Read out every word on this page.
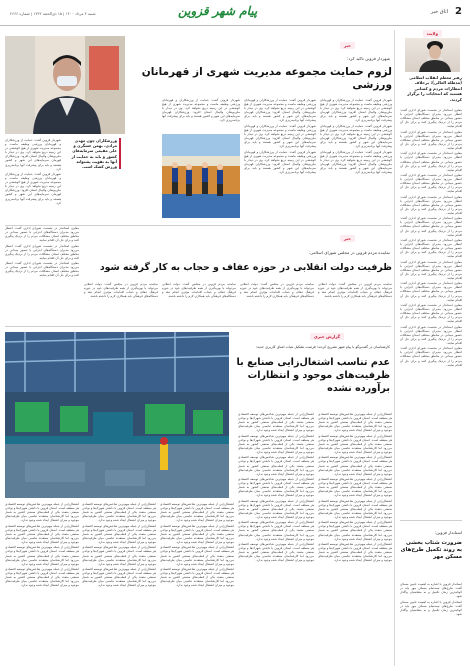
2
اتاق خبر
پیام شهر قزوین
شنبه ۴ مرداد ۱۴۰۰ | ۱۵ ذی‌الحجه ۱۴۴۲ | شماره ۲۶۶۶
ولایت
رهبر معظم انقلاب اسلامی (مدظله العالی): برخلاف انتظارات مردم و کسانی هستند که انتخابات را برگزار کردند.

معاون استاندار در نشست شورای اداری گفت: انتظار می‌رود مدیران دستگاه‌های اجرایی با حضور میدانی در مناطق مختلف استان مشکلات مردم را از نزدیک پیگیری کنند و برای حل آن اقدام نمایند.

معاون استاندار در نشست شورای اداری گفت: انتظار می‌رود مدیران دستگاه‌های اجرایی با حضور میدانی در مناطق مختلف استان مشکلات مردم را از نزدیک پیگیری کنند و برای حل آن اقدام نمایند.

معاون استاندار در نشست شورای اداری گفت: انتظار می‌رود مدیران دستگاه‌های اجرایی با حضور میدانی در مناطق مختلف استان مشکلات مردم را از نزدیک پیگیری کنند و برای حل آن اقدام نمایند.

معاون استاندار در نشست شورای اداری گفت: انتظار می‌رود مدیران دستگاه‌های اجرایی با حضور میدانی در مناطق مختلف استان مشکلات مردم را از نزدیک پیگیری کنند و برای حل آن اقدام نمایند.

معاون استاندار در نشست شورای اداری گفت: انتظار می‌رود مدیران دستگاه‌های اجرایی با حضور میدانی در مناطق مختلف استان مشکلات مردم را از نزدیک پیگیری کنند و برای حل آن اقدام نمایند.

معاون استاندار در نشست شورای اداری گفت: انتظار می‌رود مدیران دستگاه‌های اجرایی با حضور میدانی در مناطق مختلف استان مشکلات مردم را از نزدیک پیگیری کنند و برای حل آن اقدام نمایند.

معاون استاندار در نشست شورای اداری گفت: انتظار می‌رود مدیران دستگاه‌های اجرایی با حضور میدانی در مناطق مختلف استان مشکلات مردم را از نزدیک پیگیری کنند و برای حل آن اقدام نمایند.

معاون استاندار در نشست شورای اداری گفت: انتظار می‌رود مدیران دستگاه‌های اجرایی با حضور میدانی در مناطق مختلف استان مشکلات مردم را از نزدیک پیگیری کنند و برای حل آن اقدام نمایند.

معاون استاندار در نشست شورای اداری گفت: انتظار می‌رود مدیران دستگاه‌های اجرایی با حضور میدانی در مناطق مختلف استان مشکلات مردم را از نزدیک پیگیری کنند و برای حل آن اقدام نمایند.

معاون استاندار در نشست شورای اداری گفت: انتظار می‌رود مدیران دستگاه‌های اجرایی با حضور میدانی در مناطق مختلف استان مشکلات مردم را از نزدیک پیگیری کنند و برای حل آن اقدام نمایند.

معاون استاندار در نشست شورای اداری گفت: انتظار می‌رود مدیران دستگاه‌های اجرایی با حضور میدانی در مناطق مختلف استان مشکلات مردم را از نزدیک پیگیری کنند و برای حل آن اقدام نمایند.

معاون استاندار در نشست شورای اداری گفت: انتظار می‌رود مدیران دستگاه‌های اجرایی با حضور میدانی در مناطق مختلف استان مشکلات مردم را از نزدیک پیگیری کنند و برای حل آن اقدام نمایند.

خبر
شهردار قزوین تاکید کرد:
لزوم حمایت مجموعه مدیریت شهری از قهرمانان ورزشی
ورزشکاران چون مهدی مرادی، بهمن عسگری و علی مقیمی سرمایه‌های کشور و باید به حمایت از آنها به تقویت پشتوانه ورزش کشک است.

شهردار قزوین گفت: حمایت از ورزشکاران و قهرمانان ورزشی وظیفه ماست و مجموعه مدیریت شهری از هیچ کوششی در این زمینه دریغ نخواهد کرد. وی در دیدار با ملی‌پوشان والیبال استان افزود: ورزشکاران قهرمان سرمایه‌های این شهر و کشور هستند و باید برای پیشرفت آنها برنامه‌ریزی کرد.

شهردار قزوین گفت: حمایت از ورزشکاران و قهرمانان ورزشی وظیفه ماست و مجموعه مدیریت شهری از هیچ کوششی در این زمینه دریغ نخواهد کرد. وی در دیدار با ملی‌پوشان والیبال استان افزود: ورزشکاران قهرمان سرمایه‌های این شهر و کشور هستند و باید برای پیشرفت آنها برنامه‌ریزی کرد.

شهردار قزوین گفت: حمایت از ورزشکاران و قهرمانان ورزشی وظیفه ماست و مجموعه مدیریت شهری از هیچ کوششی در این زمینه دریغ نخواهد کرد. وی در دیدار با ملی‌پوشان والیبال استان افزود: ورزشکاران قهرمان سرمایه‌های این شهر و کشور هستند و باید برای پیشرفت آنها برنامه‌ریزی کرد.

شهردار قزوین گفت: حمایت از ورزشکاران و قهرمانان ورزشی وظیفه ماست و مجموعه مدیریت شهری از هیچ کوششی در این زمینه دریغ نخواهد کرد. وی در دیدار با ملی‌پوشان والیبال استان افزود: ورزشکاران قهرمان سرمایه‌های این شهر و کشور هستند و باید برای پیشرفت آنها برنامه‌ریزی کرد.

شهردار قزوین گفت: حمایت از ورزشکاران و قهرمانان ورزشی وظیفه ماست و مجموعه مدیریت شهری از هیچ کوششی در این زمینه دریغ نخواهد کرد. وی در دیدار با ملی‌پوشان والیبال استان افزود: ورزشکاران قهرمان سرمایه‌های این شهر و کشور هستند و باید برای پیشرفت آنها برنامه‌ریزی کرد.

شهردار قزوین گفت: حمایت از ورزشکاران و قهرمانان ورزشی وظیفه ماست و مجموعه مدیریت شهری از هیچ کوششی در این زمینه دریغ نخواهد کرد. وی در دیدار با ملی‌پوشان والیبال استان افزود: ورزشکاران قهرمان سرمایه‌های این شهر و کشور هستند و باید برای پیشرفت آنها برنامه‌ریزی کرد.

شهردار قزوین گفت: حمایت از ورزشکاران و قهرمانان ورزشی وظیفه ماست و مجموعه مدیریت شهری از هیچ کوششی در این زمینه دریغ نخواهد کرد. وی در دیدار با ملی‌پوشان والیبال استان افزود: ورزشکاران قهرمان سرمایه‌های این شهر و کشور هستند و باید برای پیشرفت آنها برنامه‌ریزی کرد.

شهردار قزوین گفت: حمایت از ورزشکاران و قهرمانان ورزشی وظیفه ماست و مجموعه مدیریت شهری از هیچ کوششی در این زمینه دریغ نخواهد کرد. وی در دیدار با ملی‌پوشان والیبال استان افزود: ورزشکاران قهرمان سرمایه‌های این شهر و کشور هستند و باید برای پیشرفت آنها برنامه‌ریزی کرد.

شهردار قزوین گفت: حمایت از ورزشکاران و قهرمانان ورزشی وظیفه ماست و مجموعه مدیریت شهری از هیچ کوششی در این زمینه دریغ نخواهد کرد. وی در دیدار با ملی‌پوشان والیبال استان افزود: ورزشکاران قهرمان سرمایه‌های این شهر و کشور هستند و باید برای پیشرفت آنها برنامه‌ریزی کرد.

خبر
نماینده مردم قزوین در مجلس شورای اسلامی:
ظرفیت دولت انقلابی در حوزه عفاف و حجاب به کار گرفته شود

نماینده مردم قزوین در مجلس گفت: دولت انقلابی می‌تواند با بهره‌گیری از همه ظرفیت‌های خود در حوزه فرهنگ عفاف و حجاب اقدامات مؤثری انجام دهد و دستگاه‌های فرهنگی باید همکاری لازم را داشته باشند.

نماینده مردم قزوین در مجلس گفت: دولت انقلابی می‌تواند با بهره‌گیری از همه ظرفیت‌های خود در حوزه فرهنگ عفاف و حجاب اقدامات مؤثری انجام دهد و دستگاه‌های فرهنگی باید همکاری لازم را داشته باشند.

نماینده مردم قزوین در مجلس گفت: دولت انقلابی می‌تواند با بهره‌گیری از همه ظرفیت‌های خود در حوزه فرهنگ عفاف و حجاب اقدامات مؤثری انجام دهد و دستگاه‌های فرهنگی باید همکاری لازم را داشته باشند.

نماینده مردم قزوین در مجلس گفت: دولت انقلابی می‌تواند با بهره‌گیری از همه ظرفیت‌های خود در حوزه فرهنگ عفاف و حجاب اقدامات مؤثری انجام دهد و دستگاه‌های فرهنگی باید همکاری لازم را داشته باشند.

معاون استاندار در نشست شورای اداری گفت: انتظار می‌رود مدیران دستگاه‌های اجرایی با حضور میدانی در مناطق مختلف استان مشکلات مردم را از نزدیک پیگیری کنند و برای حل آن اقدام نمایند.

معاون استاندار در نشست شورای اداری گفت: انتظار می‌رود مدیران دستگاه‌های اجرایی با حضور میدانی در مناطق مختلف استان مشکلات مردم را از نزدیک پیگیری کنند و برای حل آن اقدام نمایند.

معاون استاندار در نشست شورای اداری گفت: انتظار می‌رود مدیران دستگاه‌های اجرایی با حضور میدانی در مناطق مختلف استان مشکلات مردم را از نزدیک پیگیری کنند و برای حل آن اقدام نمایند.

گزارش خبری
کارشناسان در گفت‌وگو با پیام شهر تشریح کردند؛ فرصت تشکیل هیات امنای کاربری جدید:
عدم تناسب اشتغال‌زایی صنایع با ظرفیت‌های موجود و انتظارات برآورده نشده

اشتغال‌زایی از جمله مهم‌ترین شاخص‌های توسعه اقتصادی هر منطقه است. استان قزوین با داشتن شهرک‌ها و نواحی صنعتی متعدد یکی از قطب‌های صنعتی کشور به شمار می‌رود اما کارشناسان معتقدند تناسبی میان ظرفیت‌های موجود و میزان اشتغال ایجاد شده وجود ندارد.

اشتغال‌زایی از جمله مهم‌ترین شاخص‌های توسعه اقتصادی هر منطقه است. استان قزوین با داشتن شهرک‌ها و نواحی صنعتی متعدد یکی از قطب‌های صنعتی کشور به شمار می‌رود اما کارشناسان معتقدند تناسبی میان ظرفیت‌های موجود و میزان اشتغال ایجاد شده وجود ندارد.

اشتغال‌زایی از جمله مهم‌ترین شاخص‌های توسعه اقتصادی هر منطقه است. استان قزوین با داشتن شهرک‌ها و نواحی صنعتی متعدد یکی از قطب‌های صنعتی کشور به شمار می‌رود اما کارشناسان معتقدند تناسبی میان ظرفیت‌های موجود و میزان اشتغال ایجاد شده وجود ندارد.

اشتغال‌زایی از جمله مهم‌ترین شاخص‌های توسعه اقتصادی هر منطقه است. استان قزوین با داشتن شهرک‌ها و نواحی صنعتی متعدد یکی از قطب‌های صنعتی کشور به شمار می‌رود اما کارشناسان معتقدند تناسبی میان ظرفیت‌های موجود و میزان اشتغال ایجاد شده وجود ندارد.

اشتغال‌زایی از جمله مهم‌ترین شاخص‌های توسعه اقتصادی هر منطقه است. استان قزوین با داشتن شهرک‌ها و نواحی صنعتی متعدد یکی از قطب‌های صنعتی کشور به شمار می‌رود اما کارشناسان معتقدند تناسبی میان ظرفیت‌های موجود و میزان اشتغال ایجاد شده وجود ندارد.

اشتغال‌زایی از جمله مهم‌ترین شاخص‌های توسعه اقتصادی هر منطقه است. استان قزوین با داشتن شهرک‌ها و نواحی صنعتی متعدد یکی از قطب‌های صنعتی کشور به شمار می‌رود اما کارشناسان معتقدند تناسبی میان ظرفیت‌های موجود و میزان اشتغال ایجاد شده وجود ندارد.

اشتغال‌زایی از جمله مهم‌ترین شاخص‌های توسعه اقتصادی هر منطقه است. استان قزوین با داشتن شهرک‌ها و نواحی صنعتی متعدد یکی از قطب‌های صنعتی کشور به شمار می‌رود اما کارشناسان معتقدند تناسبی میان ظرفیت‌های موجود و میزان اشتغال ایجاد شده وجود ندارد.

اشتغال‌زایی از جمله مهم‌ترین شاخص‌های توسعه اقتصادی هر منطقه است. استان قزوین با داشتن شهرک‌ها و نواحی صنعتی متعدد یکی از قطب‌های صنعتی کشور به شمار می‌رود اما کارشناسان معتقدند تناسبی میان ظرفیت‌های موجود و میزان اشتغال ایجاد شده وجود ندارد.

اشتغال‌زایی از جمله مهم‌ترین شاخص‌های توسعه اقتصادی هر منطقه است. استان قزوین با داشتن شهرک‌ها و نواحی صنعتی متعدد یکی از قطب‌های صنعتی کشور به شمار می‌رود اما کارشناسان معتقدند تناسبی میان ظرفیت‌های موجود و میزان اشتغال ایجاد شده وجود ندارد.

اشتغال‌زایی از جمله مهم‌ترین شاخص‌های توسعه اقتصادی هر منطقه است. استان قزوین با داشتن شهرک‌ها و نواحی صنعتی متعدد یکی از قطب‌های صنعتی کشور به شمار می‌رود اما کارشناسان معتقدند تناسبی میان ظرفیت‌های موجود و میزان اشتغال ایجاد شده وجود ندارد.

اشتغال‌زایی از جمله مهم‌ترین شاخص‌های توسعه اقتصادی هر منطقه است. استان قزوین با داشتن شهرک‌ها و نواحی صنعتی متعدد یکی از قطب‌های صنعتی کشور به شمار می‌رود اما کارشناسان معتقدند تناسبی میان ظرفیت‌های موجود و میزان اشتغال ایجاد شده وجود ندارد.

اشتغال‌زایی از جمله مهم‌ترین شاخص‌های توسعه اقتصادی هر منطقه است. استان قزوین با داشتن شهرک‌ها و نواحی صنعتی متعدد یکی از قطب‌های صنعتی کشور به شمار می‌رود اما کارشناسان معتقدند تناسبی میان ظرفیت‌های موجود و میزان اشتغال ایجاد شده وجود ندارد.

اشتغال‌زایی از جمله مهم‌ترین شاخص‌های توسعه اقتصادی هر منطقه است. استان قزوین با داشتن شهرک‌ها و نواحی صنعتی متعدد یکی از قطب‌های صنعتی کشور به شمار می‌رود اما کارشناسان معتقدند تناسبی میان ظرفیت‌های موجود و میزان اشتغال ایجاد شده وجود ندارد.

اشتغال‌زایی از جمله مهم‌ترین شاخص‌های توسعه اقتصادی هر منطقه است. استان قزوین با داشتن شهرک‌ها و نواحی صنعتی متعدد یکی از قطب‌های صنعتی کشور به شمار می‌رود اما کارشناسان معتقدند تناسبی میان ظرفیت‌های موجود و میزان اشتغال ایجاد شده وجود ندارد.

اشتغال‌زایی از جمله مهم‌ترین شاخص‌های توسعه اقتصادی هر منطقه است. استان قزوین با داشتن شهرک‌ها و نواحی صنعتی متعدد یکی از قطب‌های صنعتی کشور به شمار می‌رود اما کارشناسان معتقدند تناسبی میان ظرفیت‌های موجود و میزان اشتغال ایجاد شده وجود ندارد.

اشتغال‌زایی از جمله مهم‌ترین شاخص‌های توسعه اقتصادی هر منطقه است. استان قزوین با داشتن شهرک‌ها و نواحی صنعتی متعدد یکی از قطب‌های صنعتی کشور به شمار می‌رود اما کارشناسان معتقدند تناسبی میان ظرفیت‌های موجود و میزان اشتغال ایجاد شده وجود ندارد.

اشتغال‌زایی از جمله مهم‌ترین شاخص‌های توسعه اقتصادی هر منطقه است. استان قزوین با داشتن شهرک‌ها و نواحی صنعتی متعدد یکی از قطب‌های صنعتی کشور به شمار می‌رود اما کارشناسان معتقدند تناسبی میان ظرفیت‌های موجود و میزان اشتغال ایجاد شده وجود ندارد.

اشتغال‌زایی از جمله مهم‌ترین شاخص‌های توسعه اقتصادی هر منطقه است. استان قزوین با داشتن شهرک‌ها و نواحی صنعتی متعدد یکی از قطب‌های صنعتی کشور به شمار می‌رود اما کارشناسان معتقدند تناسبی میان ظرفیت‌های موجود و میزان اشتغال ایجاد شده وجود ندارد.

اشتغال‌زایی از جمله مهم‌ترین شاخص‌های توسعه اقتصادی هر منطقه است. استان قزوین با داشتن شهرک‌ها و نواحی صنعتی متعدد یکی از قطب‌های صنعتی کشور به شمار می‌رود اما کارشناسان معتقدند تناسبی میان ظرفیت‌های موجود و میزان اشتغال ایجاد شده وجود ندارد.

اشتغال‌زایی از جمله مهم‌ترین شاخص‌های توسعه اقتصادی هر منطقه است. استان قزوین با داشتن شهرک‌ها و نواحی صنعتی متعدد یکی از قطب‌های صنعتی کشور به شمار می‌رود اما کارشناسان معتقدند تناسبی میان ظرفیت‌های موجود و میزان اشتغال ایجاد شده وجود ندارد.

اشتغال‌زایی از جمله مهم‌ترین شاخص‌های توسعه اقتصادی هر منطقه است. استان قزوین با داشتن شهرک‌ها و نواحی صنعتی متعدد یکی از قطب‌های صنعتی کشور به شمار می‌رود اما کارشناسان معتقدند تناسبی میان ظرفیت‌های موجود و میزان اشتغال ایجاد شده وجود ندارد.

اشتغال‌زایی از جمله مهم‌ترین شاخص‌های توسعه اقتصادی هر منطقه است. استان قزوین با داشتن شهرک‌ها و نواحی صنعتی متعدد یکی از قطب‌های صنعتی کشور به شمار می‌رود اما کارشناسان معتقدند تناسبی میان ظرفیت‌های موجود و میزان اشتغال ایجاد شده وجود ندارد.

اشتغال‌زایی از جمله مهم‌ترین شاخص‌های توسعه اقتصادی هر منطقه است. استان قزوین با داشتن شهرک‌ها و نواحی صنعتی متعدد یکی از قطب‌های صنعتی کشور به شمار می‌رود اما کارشناسان معتقدند تناسبی میان ظرفیت‌های موجود و میزان اشتغال ایجاد شده وجود ندارد.

اشتغال‌زایی از جمله مهم‌ترین شاخص‌های توسعه اقتصادی هر منطقه است. استان قزوین با داشتن شهرک‌ها و نواحی صنعتی متعدد یکی از قطب‌های صنعتی کشور به شمار می‌رود اما کارشناسان معتقدند تناسبی میان ظرفیت‌های موجود و میزان اشتغال ایجاد شده وجود ندارد.

اشتغال‌زایی از جمله مهم‌ترین شاخص‌های توسعه اقتصادی هر منطقه است. استان قزوین با داشتن شهرک‌ها و نواحی صنعتی متعدد یکی از قطب‌های صنعتی کشور به شمار می‌رود اما کارشناسان معتقدند تناسبی میان ظرفیت‌های موجود و میزان اشتغال ایجاد شده وجود ندارد.

اشتغال‌زایی از جمله مهم‌ترین شاخص‌های توسعه اقتصادی هر منطقه است. استان قزوین با داشتن شهرک‌ها و نواحی صنعتی متعدد یکی از قطب‌های صنعتی کشور به شمار می‌رود اما کارشناسان معتقدند تناسبی میان ظرفیت‌های موجود و میزان اشتغال ایجاد شده وجود ندارد.

استاندار قزوین:
ضرورت شتاب بخشی به روند تکمیل طرح‌های مسکن مهر

استاندار قزوین با اشاره به اهمیت تامین مسکن گفت: طرح‌های نیمه‌تمام مسکن مهر باید در کوتاه‌ترین زمان تکمیل و به متقاضیان واگذار شود.

استاندار قزوین با اشاره به اهمیت تامین مسکن گفت: طرح‌های نیمه‌تمام مسکن مهر باید در کوتاه‌ترین زمان تکمیل و به متقاضیان واگذار شود.
